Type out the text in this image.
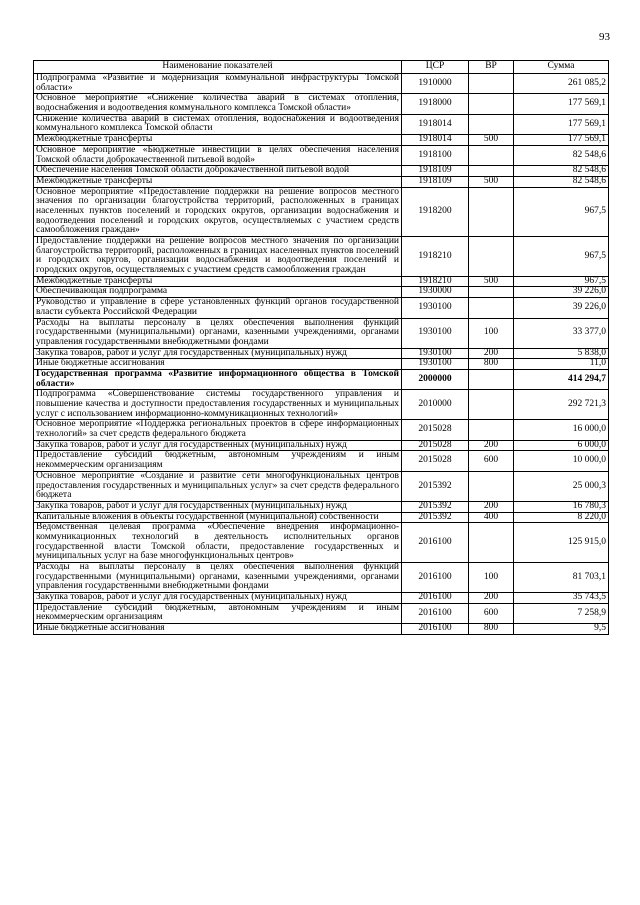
93
Наименование показателей	ЦСР	ВР	Сумма
Подпрограмма «Развитие и модернизация коммунальной инфраструктуры Томской области»	1910000		261 085,2
Основное мероприятие «Снижение количества аварий в системах отопления, водоснабжения и водоотведения коммунального комплекса Томской области»	1918000		177 569,1
Снижение количества аварий в системах отопления, водоснабжения и водоотведения коммунального комплекса Томской области	1918014		177 569,1
Межбюджетные трансферты	1918014	500	177 569,1
Основное мероприятие «Бюджетные инвестиции в целях обеспечения населения Томской области доброкачественной питьевой водой»	1918100		82 548,6
Обеспечение населения Томской области доброкачественной питьевой водой	1918109		82 548,6
Межбюджетные трансферты	1918109	500	82 548,6
Основное мероприятие «Предоставление поддержки на решение вопросов местного значения по организации благоустройства территорий, расположенных в границах населенных пунктов поселений и городских округов, организации водоснабжения и водоотведения поселений и городских округов, осуществляемых с участием средств самообложения граждан»	1918200		967,5
Предоставление поддержки на решение вопросов местного значения по организации благоустройства территорий, расположенных в границах населенных пунктов поселений и городских округов, организации водоснабжения и водоотведения поселений и городских округов, осуществляемых с участием средств самообложения граждан	1918210		967,5
Межбюджетные трансферты	1918210	500	967,5
Обеспечивающая подпрограмма	1930000		39 226,0
Руководство и управление в сфере установленных функций органов государственной власти субъекта Российской Федерации	1930100		39 226,0
Расходы на выплаты персоналу в целях обеспечения выполнения функций государственными (муниципальными) органами, казенными учреждениями, органами управления государственными внебюджетными фондами	1930100	100	33 377,0
Закупка товаров, работ и услуг для государственных (муниципальных) нужд	1930100	200	5 838,0
Иные бюджетные ассигнования	1930100	800	11,0
Государственная программа «Развитие информационного общества в Томской области»	2000000		414 294,7
Подпрограмма «Совершенствование системы государственного управления и повышение качества и доступности предоставления государственных и муниципальных услуг с использованием информационно-коммуникационных технологий»	2010000		292 721,3
Основное мероприятие «Поддержка региональных проектов в сфере информационных технологий» за счет средств федерального бюджета	2015028		16 000,0
Закупка товаров, работ и услуг для государственных (муниципальных) нужд	2015028	200	6 000,0
Предоставление субсидий бюджетным, автономным учреждениям и иным некоммерческим организациям	2015028	600	10 000,0
Основное мероприятие «Создание и развитие сети многофункциональных центров предоставления государственных и муниципальных услуг» за счет средств федерального бюджета	2015392		25 000,3
Закупка товаров, работ и услуг для государственных (муниципальных) нужд	2015392	200	16 780,3
Капитальные вложения в объекты государственной (муниципальной) собственности	2015392	400	8 220,0
Ведомственная целевая программа «Обеспечение внедрения информационно-коммуникационных технологий в деятельность исполнительных органов государственной власти Томской области, предоставление государственных и муниципальных услуг на базе многофункциональных центров»	2016100		125 915,0
Расходы на выплаты персоналу в целях обеспечения выполнения функций государственными (муниципальными) органами, казенными учреждениями, органами управления государственными внебюджетными фондами	2016100	100	81 703,1
Закупка товаров, работ и услуг для государственных (муниципальных) нужд	2016100	200	35 743,5
Предоставление субсидий бюджетным, автономным учреждениям и иным некоммерческим организациям	2016100	600	7 258,9
Иные бюджетные ассигнования	2016100	800	9,5
